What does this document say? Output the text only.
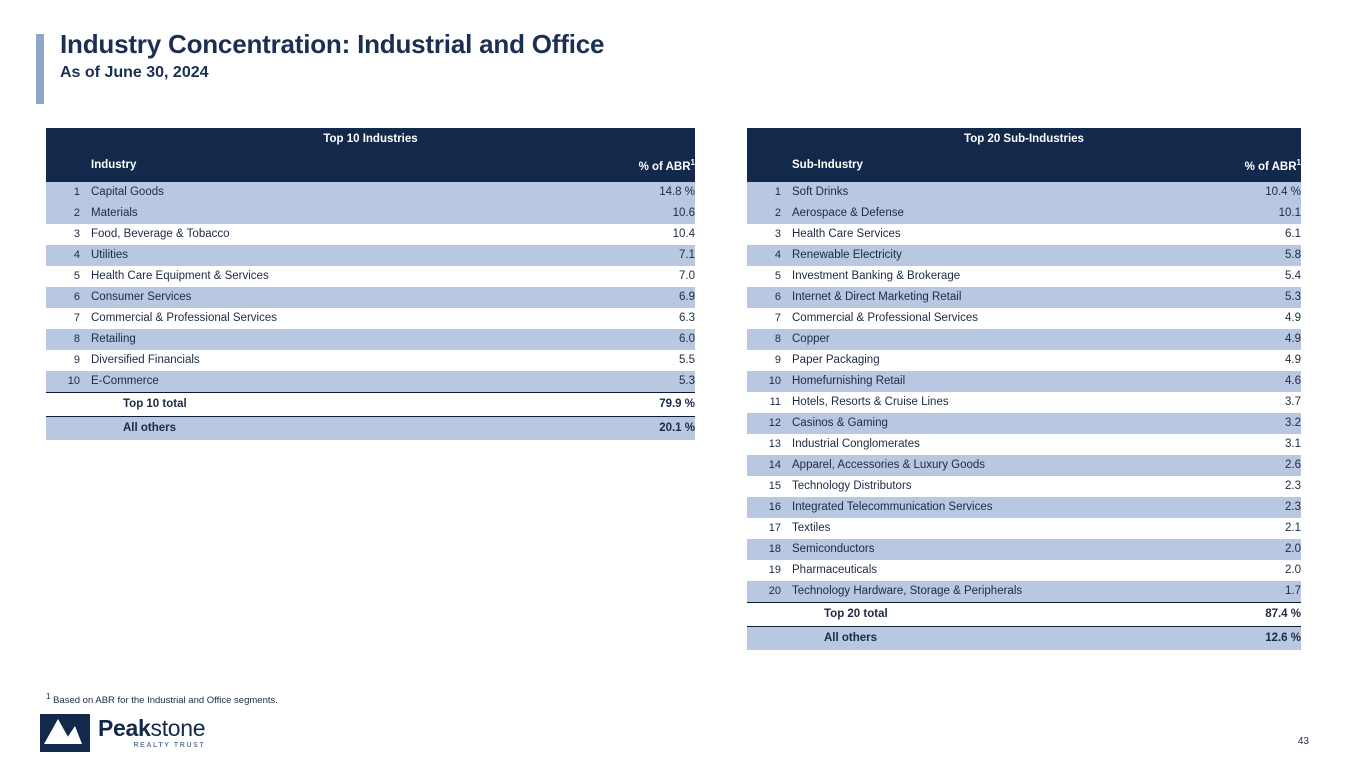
Industry Concentration: Industrial and Office
As of June 30, 2024
Top 10 Industries		
	Industry	% of ABR$^1$
1	Capital Goods	14.8 %
2	Materials	10.6
3	Food, Beverage & Tobacco	10.4
4	Utilities	7.1
5	Health Care Equipment & Services	7.0
6	Consumer Services	6.9
7	Commercial & Professional Services	6.3
8	Retailing	6.0
9	Diversified Financials	5.5
10	E-Commerce	5.3
	Top 10 total	79.9 %
	All others	20.1 %
Top 20 Sub-Industries		
	Sub-Industry	% of ABR$^1$
1	Soft Drinks	10.4 %
2	Aerospace & Defense	10.1
3	Health Care Services	6.1
4	Renewable Electricity	5.8
5	Investment Banking & Brokerage	5.4
6	Internet & Direct Marketing Retail	5.3
7	Commercial & Professional Services	4.9
8	Copper	4.9
9	Paper Packaging	4.9
10	Homefurnishing Retail	4.6
11	Hotels, Resorts & Cruise Lines	3.7
12	Casinos & Gaming	3.2
13	Industrial Conglomerates	3.1
14	Apparel, Accessories & Luxury Goods	2.6
15	Technology Distributors	2.3
16	Integrated Telecommunication Services	2.3
17	Textiles	2.1
18	Semiconductors	2.0
19	Pharmaceuticals	2.0
20	Technology Hardware, Storage & Peripherals	1.7
	Top 20 total	87.4 %
	All others	12.6 %
$^1$ Based on ABR for the Industrial and Office segments.
Peakstone
REALTY TRUST	43
